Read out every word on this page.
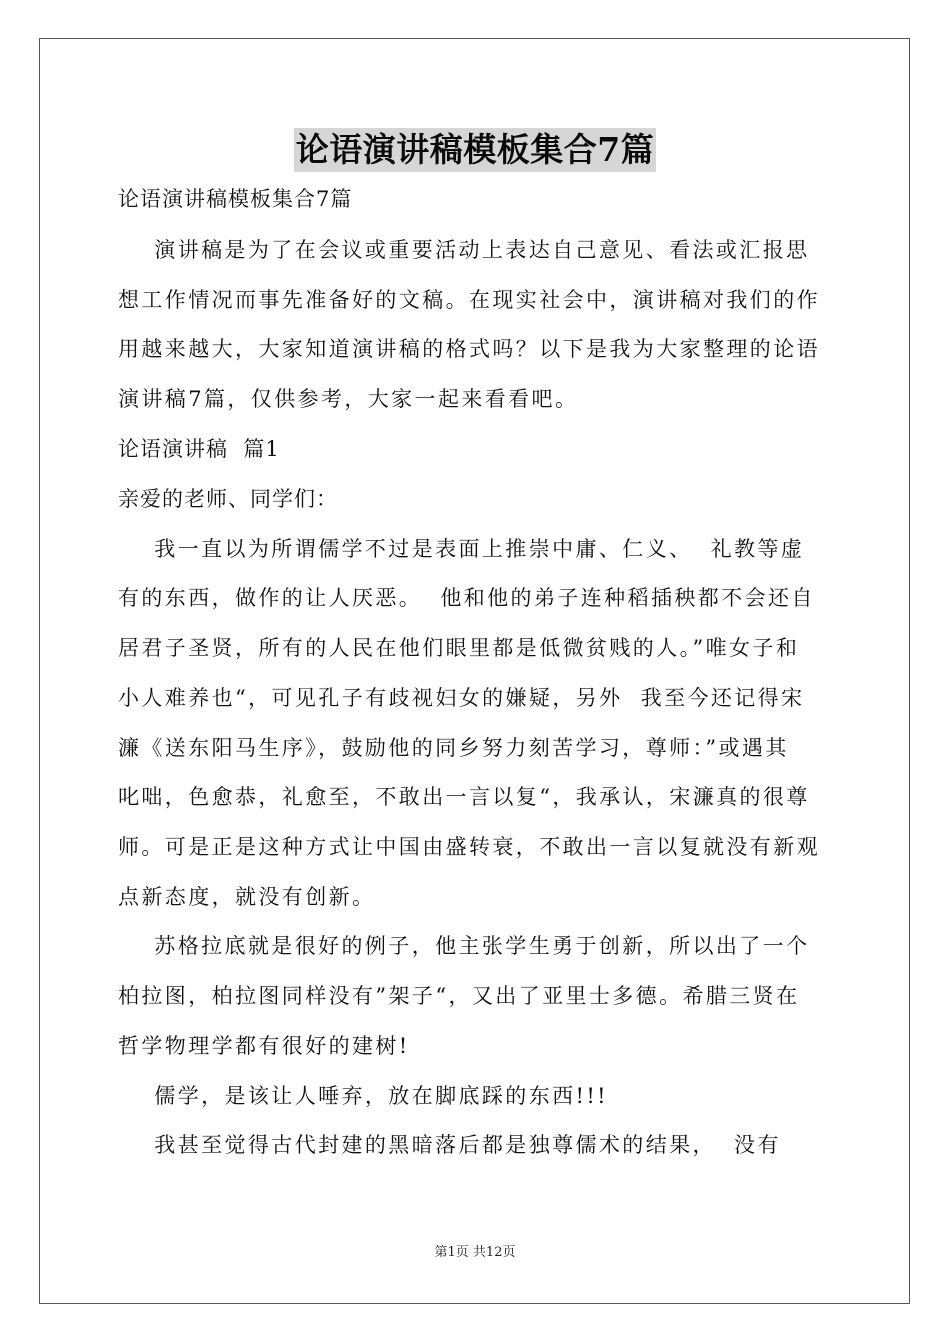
论语演讲稿模板集合7篇
论语演讲稿模板集合7篇
演讲稿是为了在会议或重要活动上表达自己意见、看法或汇报思
想工作情况而事先准备好的文稿。在现实社会中，演讲稿对我们的作
用越来越大，大家知道演讲稿的格式吗？以下是我为大家整理的论语
演讲稿7篇，仅供参考，大家一起来看看吧。
论语演讲稿  篇1
亲爱的老师、同学们：
我一直以为所谓儒学不过是表面上推崇中庸、仁义、  礼教等虚
有的东西，做作的让人厌恶。  他和他的弟子连种稻插秧都不会还自
居君子圣贤，所有的人民在他们眼里都是低微贫贱的人。”唯女子和
小人难养也“，可见孔子有歧视妇女的嫌疑，另外  我至今还记得宋
濂《送东阳马生序》，鼓励他的同乡努力刻苦学习，尊师：”或遇其
叱咄，色愈恭，礼愈至，不敢出一言以复“，我承认，宋濂真的很尊
师。可是正是这种方式让中国由盛转衰，不敢出一言以复就没有新观
点新态度，就没有创新。
苏格拉底就是很好的例子，他主张学生勇于创新，所以出了一个
柏拉图，柏拉图同样没有”架子“，又出了亚里士多德。希腊三贤在
哲学物理学都有很好的建树!
儒学，是该让人唾弃，放在脚底踩的东西!!!
我甚至觉得古代封建的黑暗落后都是独尊儒术的结果，  没有
第1页 共12页
